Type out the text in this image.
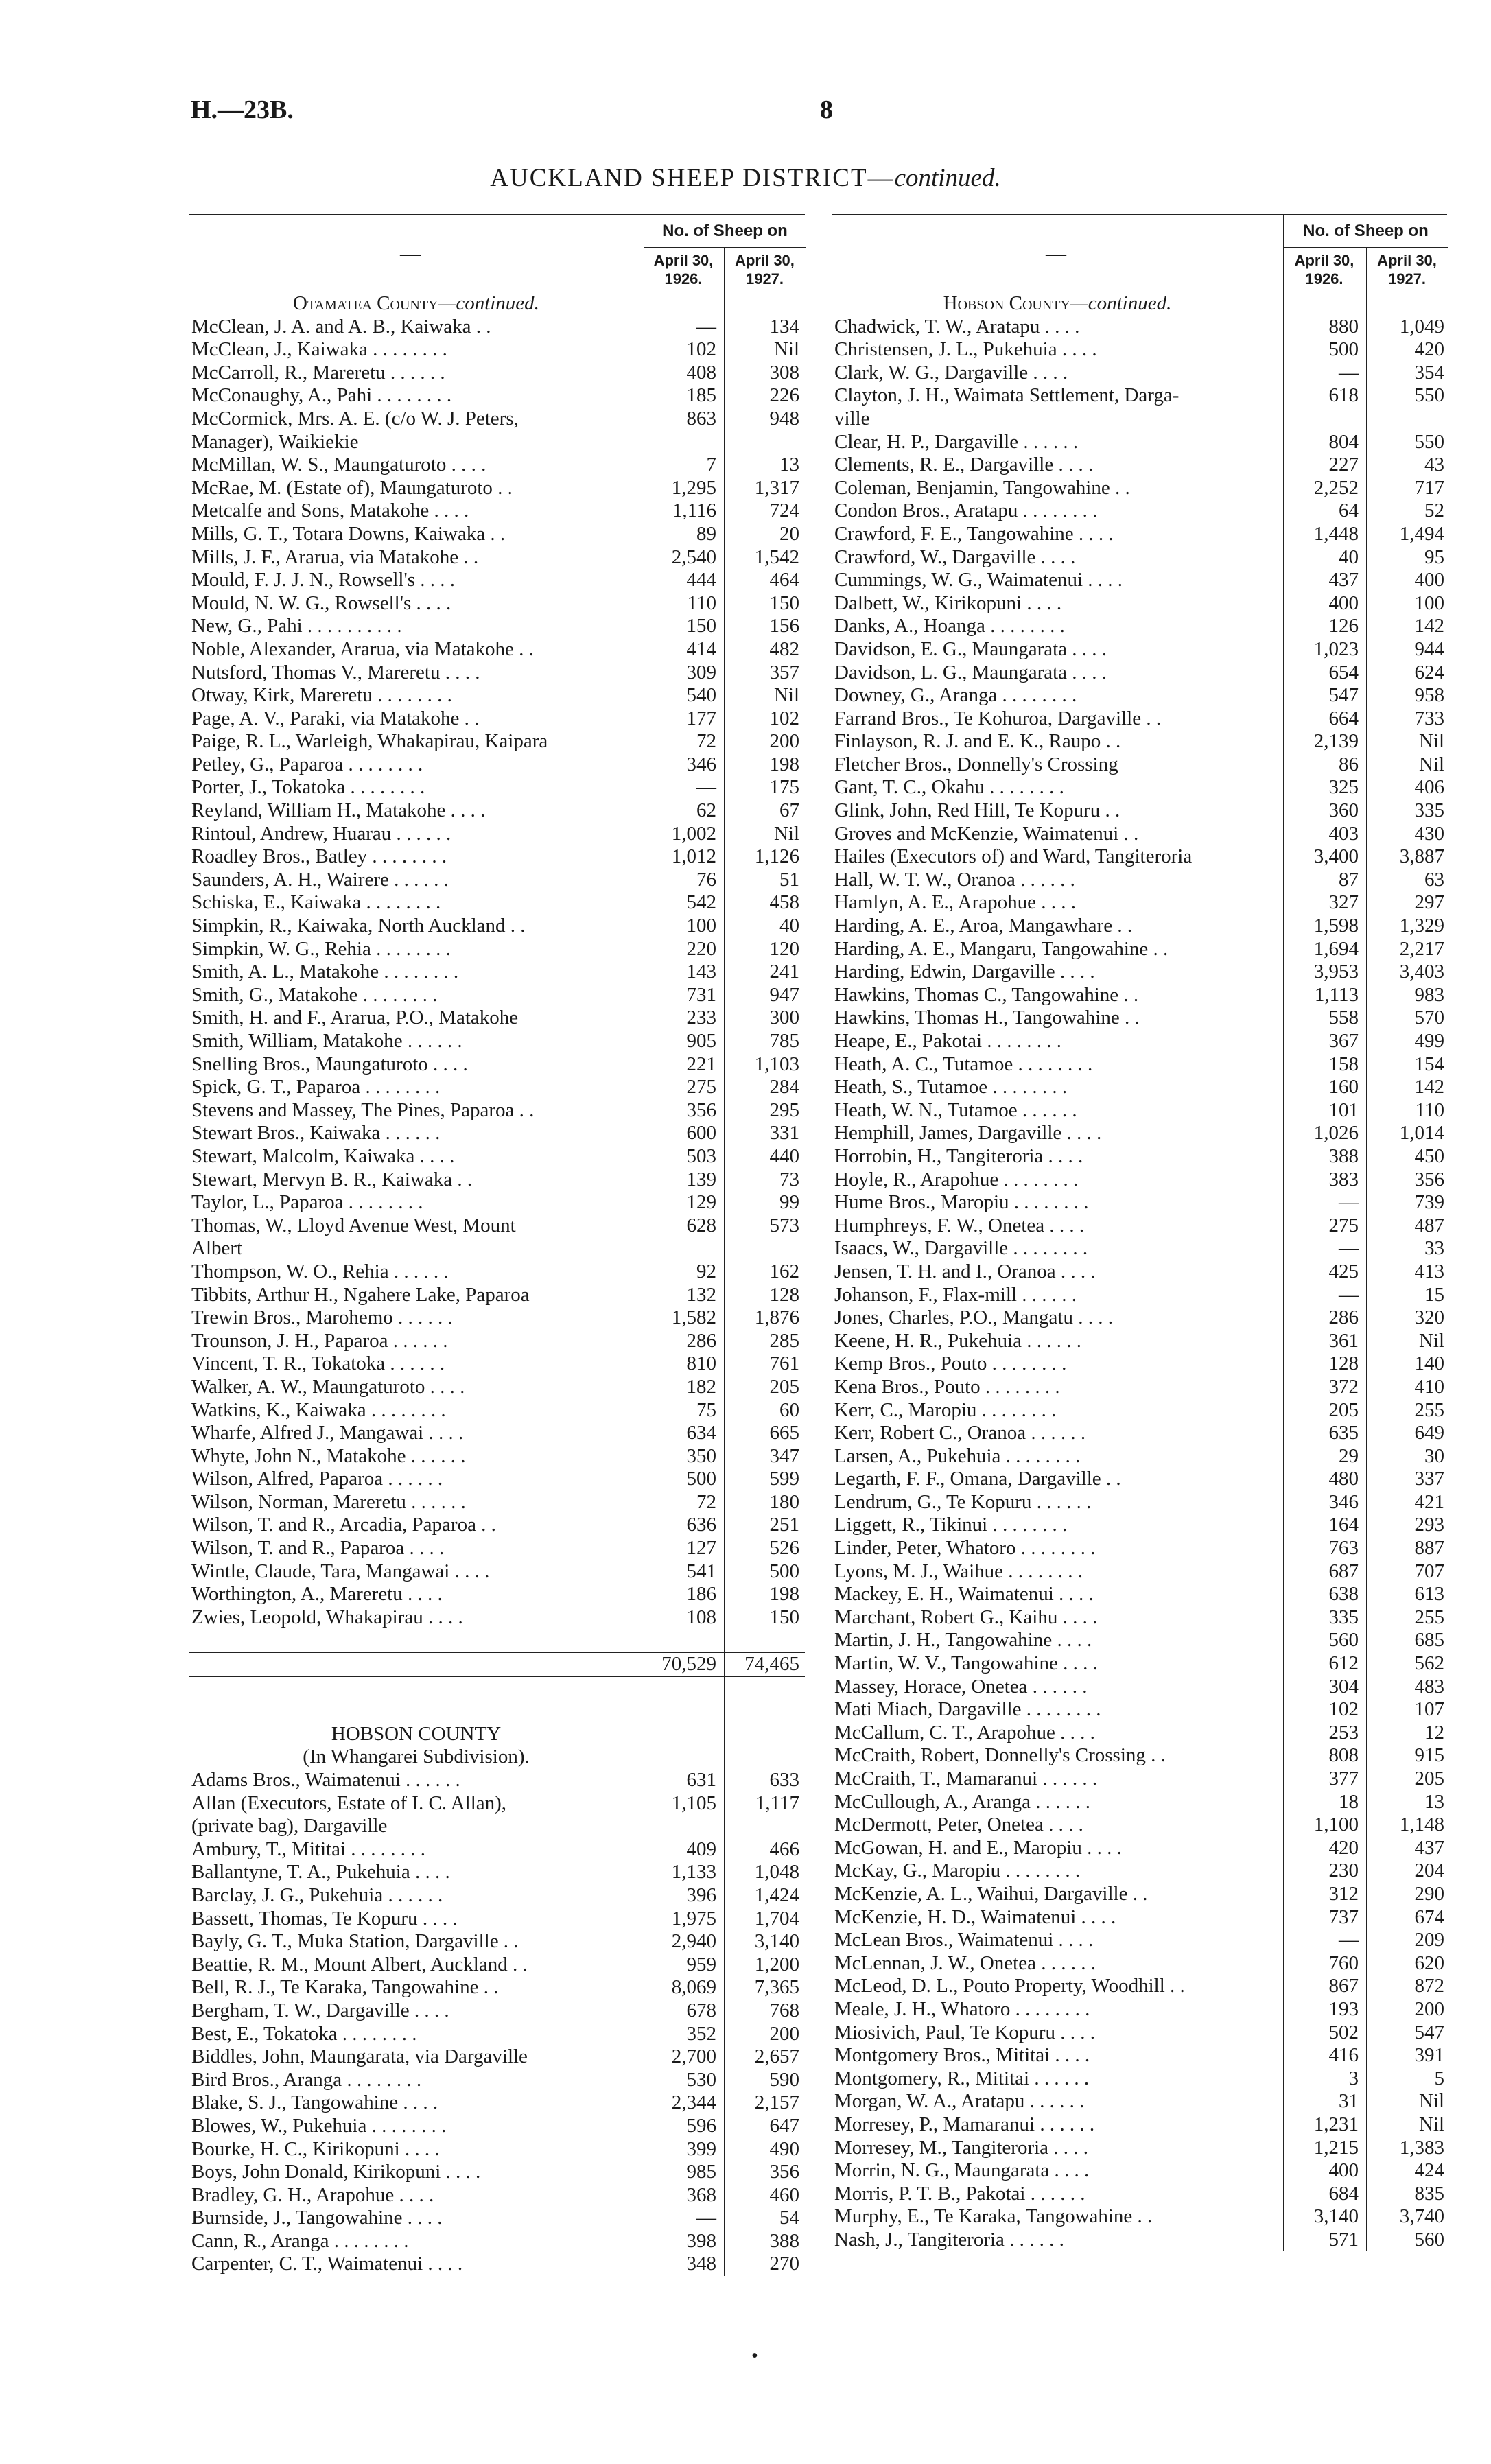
H.—23B.	8
AUCKLAND SHEEP DISTRICT—continued.
—
No. of Sheep on
April 30, 1926.
April 30, 1927.
Otamatea County—continued.
McClean, J. A. and A. B., Kaiwaka . .	—	134
McClean, J., Kaiwaka . . . . . . . .	102	Nil
McCarroll, R., Mareretu . . . . . .	408	308
McConaughy, A., Pahi . . . . . . . .	185	226
McCormick, Mrs. A. E. (c/o W. J. Peters,	863	948
Manager), Waikiekie
McMillan, W. S., Maungaturoto . . . .	7	13
McRae, M. (Estate of), Maungaturoto . .	1,295	1,317
Metcalfe and Sons, Matakohe . . . .	1,116	724
Mills, G. T., Totara Downs, Kaiwaka . .	89	20
Mills, J. F., Ararua, via Matakohe . .	2,540	1,542
Mould, F. J. J. N., Rowsell's . . . .	444	464
Mould, N. W. G., Rowsell's . . . .	110	150
New, G., Pahi . . . . . . . . . .	150	156
Noble, Alexander, Ararua, via Matakohe . .	414	482
Nutsford, Thomas V., Mareretu . . . .	309	357
Otway, Kirk, Mareretu . . . . . . . .	540	Nil
Page, A. V., Paraki, via Matakohe . .	177	102
Paige, R. L., Warleigh, Whakapirau, Kaipara	72	200
Petley, G., Paparoa . . . . . . . .	346	198
Porter, J., Tokatoka . . . . . . . .	—	175
Reyland, William H., Matakohe . . . .	62	67
Rintoul, Andrew, Huarau . . . . . .	1,002	Nil
Roadley Bros., Batley . . . . . . . .	1,012	1,126
Saunders, A. H., Wairere . . . . . .	76	51
Schiska, E., Kaiwaka . . . . . . . .	542	458
Simpkin, R., Kaiwaka, North Auckland . .	100	40
Simpkin, W. G., Rehia . . . . . . . .	220	120
Smith, A. L., Matakohe . . . . . . . .	143	241
Smith, G., Matakohe . . . . . . . .	731	947
Smith, H. and F., Ararua, P.O., Matakohe	233	300
Smith, William, Matakohe . . . . . .	905	785
Snelling Bros., Maungaturoto . . . .	221	1,103
Spick, G. T., Paparoa . . . . . . . .	275	284
Stevens and Massey, The Pines, Paparoa . .	356	295
Stewart Bros., Kaiwaka . . . . . .	600	331
Stewart, Malcolm, Kaiwaka . . . .	503	440
Stewart, Mervyn B. R., Kaiwaka . .	139	73
Taylor, L., Paparoa . . . . . . . .	129	99
Thomas, W., Lloyd Avenue West, Mount	628	573
Albert
Thompson, W. O., Rehia . . . . . .	92	162
Tibbits, Arthur H., Ngahere Lake, Paparoa	132	128
Trewin Bros., Marohemo . . . . . .	1,582	1,876
Trounson, J. H., Paparoa . . . . . .	286	285
Vincent, T. R., Tokatoka . . . . . .	810	761
Walker, A. W., Maungaturoto . . . .	182	205
Watkins, K., Kaiwaka . . . . . . . .	75	60
Wharfe, Alfred J., Mangawai . . . .	634	665
Whyte, John N., Matakohe . . . . . .	350	347
Wilson, Alfred, Paparoa . . . . . .	500	599
Wilson, Norman, Mareretu . . . . . .	72	180
Wilson, T. and R., Arcadia, Paparoa . .	636	251
Wilson, T. and R., Paparoa . . . .	127	526
Wintle, Claude, Tara, Mangawai . . . .	541	500
Worthington, A., Mareretu . . . .	186	198
Zwies, Leopold, Whakapirau . . . .	108	150
70,529	74,465
HOBSON COUNTY
(In Whangarei Subdivision).
Adams Bros., Waimatenui . . . . . .	631	633
Allan (Executors, Estate of I. C. Allan),	1,105	1,117
(private bag), Dargaville
Ambury, T., Mititai . . . . . . . .	409	466
Ballantyne, T. A., Pukehuia . . . .	1,133	1,048
Barclay, J. G., Pukehuia . . . . . .	396	1,424
Bassett, Thomas, Te Kopuru . . . .	1,975	1,704
Bayly, G. T., Muka Station, Dargaville . .	2,940	3,140
Beattie, R. M., Mount Albert, Auckland . .	959	1,200
Bell, R. J., Te Karaka, Tangowahine . .	8,069	7,365
Bergham, T. W., Dargaville . . . .	678	768
Best, E., Tokatoka . . . . . . . .	352	200
Biddles, John, Maungarata, via Dargaville	2,700	2,657
Bird Bros., Aranga . . . . . . . .	530	590
Blake, S. J., Tangowahine . . . .	2,344	2,157
Blowes, W., Pukehuia . . . . . . . .	596	647
Bourke, H. C., Kirikopuni . . . .	399	490
Boys, John Donald, Kirikopuni . . . .	985	356
Bradley, G. H., Arapohue . . . .	368	460
Burnside, J., Tangowahine . . . .	—	54
Cann, R., Aranga . . . . . . . .	398	388
Carpenter, C. T., Waimatenui . . . .	348	270
—
No. of Sheep on
April 30, 1926.
April 30, 1927.
Hobson County—continued.
Chadwick, T. W., Aratapu . . . .	880	1,049
Christensen, J. L., Pukehuia . . . .	500	420
Clark, W. G., Dargaville . . . .	—	354
Clayton, J. H., Waimata Settlement, Darga-	618	550
ville
Clear, H. P., Dargaville . . . . . .	804	550
Clements, R. E., Dargaville . . . .	227	43
Coleman, Benjamin, Tangowahine . .	2,252	717
Condon Bros., Aratapu . . . . . . . .	64	52
Crawford, F. E., Tangowahine . . . .	1,448	1,494
Crawford, W., Dargaville . . . .	40	95
Cummings, W. G., Waimatenui . . . .	437	400
Dalbett, W., Kirikopuni . . . .	400	100
Danks, A., Hoanga . . . . . . . .	126	142
Davidson, E. G., Maungarata . . . .	1,023	944
Davidson, L. G., Maungarata . . . .	654	624
Downey, G., Aranga . . . . . . . .	547	958
Farrand Bros., Te Kohuroa, Dargaville . .	664	733
Finlayson, R. J. and E. K., Raupo . .	2,139	Nil
Fletcher Bros., Donnelly's Crossing	86	Nil
Gant, T. C., Okahu . . . . . . . .	325	406
Glink, John, Red Hill, Te Kopuru . .	360	335
Groves and McKenzie, Waimatenui . .	403	430
Hailes (Executors of) and Ward, Tangiteroria	3,400	3,887
Hall, W. T. W., Oranoa . . . . . .	87	63
Hamlyn, A. E., Arapohue . . . .	327	297
Harding, A. E., Aroa, Mangawhare . .	1,598	1,329
Harding, A. E., Mangaru, Tangowahine . .	1,694	2,217
Harding, Edwin, Dargaville . . . .	3,953	3,403
Hawkins, Thomas C., Tangowahine . .	1,113	983
Hawkins, Thomas H., Tangowahine . .	558	570
Heape, E., Pakotai . . . . . . . .	367	499
Heath, A. C., Tutamoe . . . . . . . .	158	154
Heath, S., Tutamoe . . . . . . . .	160	142
Heath, W. N., Tutamoe . . . . . .	101	110
Hemphill, James, Dargaville . . . .	1,026	1,014
Horrobin, H., Tangiteroria . . . .	388	450
Hoyle, R., Arapohue . . . . . . . .	383	356
Hume Bros., Maropiu . . . . . . . .	—	739
Humphreys, F. W., Onetea . . . .	275	487
Isaacs, W., Dargaville . . . . . . . .	—	33
Jensen, T. H. and I., Oranoa . . . .	425	413
Johanson, F., Flax-mill . . . . . .	—	15
Jones, Charles, P.O., Mangatu . . . .	286	320
Keene, H. R., Pukehuia . . . . . .	361	Nil
Kemp Bros., Pouto . . . . . . . .	128	140
Kena Bros., Pouto . . . . . . . .	372	410
Kerr, C., Maropiu . . . . . . . .	205	255
Kerr, Robert C., Oranoa . . . . . .	635	649
Larsen, A., Pukehuia . . . . . . . .	29	30
Legarth, F. F., Omana, Dargaville . .	480	337
Lendrum, G., Te Kopuru . . . . . .	346	421
Liggett, R., Tikinui . . . . . . . .	164	293
Linder, Peter, Whatoro . . . . . . . .	763	887
Lyons, M. J., Waihue . . . . . . . .	687	707
Mackey, E. H., Waimatenui . . . .	638	613
Marchant, Robert G., Kaihu . . . .	335	255
Martin, J. H., Tangowahine . . . .	560	685
Martin, W. V., Tangowahine . . . .	612	562
Massey, Horace, Onetea . . . . . .	304	483
Mati Miach, Dargaville . . . . . . . .	102	107
McCallum, C. T., Arapohue . . . .	253	12
McCraith, Robert, Donnelly's Crossing . .	808	915
McCraith, T., Mamaranui . . . . . .	377	205
McCullough, A., Aranga . . . . . .	18	13
McDermott, Peter, Onetea . . . .	1,100	1,148
McGowan, H. and E., Maropiu . . . .	420	437
McKay, G., Maropiu . . . . . . . .	230	204
McKenzie, A. L., Waihui, Dargaville . .	312	290
McKenzie, H. D., Waimatenui . . . .	737	674
McLean Bros., Waimatenui . . . .	—	209
McLennan, J. W., Onetea . . . . . .	760	620
McLeod, D. L., Pouto Property, Woodhill . .	867	872
Meale, J. H., Whatoro . . . . . . . .	193	200
Miosivich, Paul, Te Kopuru . . . .	502	547
Montgomery Bros., Mititai . . . .	416	391
Montgomery, R., Mititai . . . . . .	3	5
Morgan, W. A., Aratapu . . . . . .	31	Nil
Morresey, P., Mamaranui . . . . . .	1,231	Nil
Morresey, M., Tangiteroria . . . .	1,215	1,383
Morrin, N. G., Maungarata . . . .	400	424
Morris, P. T. B., Pakotai . . . . . .	684	835
Murphy, E., Te Karaka, Tangowahine . .	3,140	3,740
Nash, J., Tangiteroria . . . . . .	571	560
•
